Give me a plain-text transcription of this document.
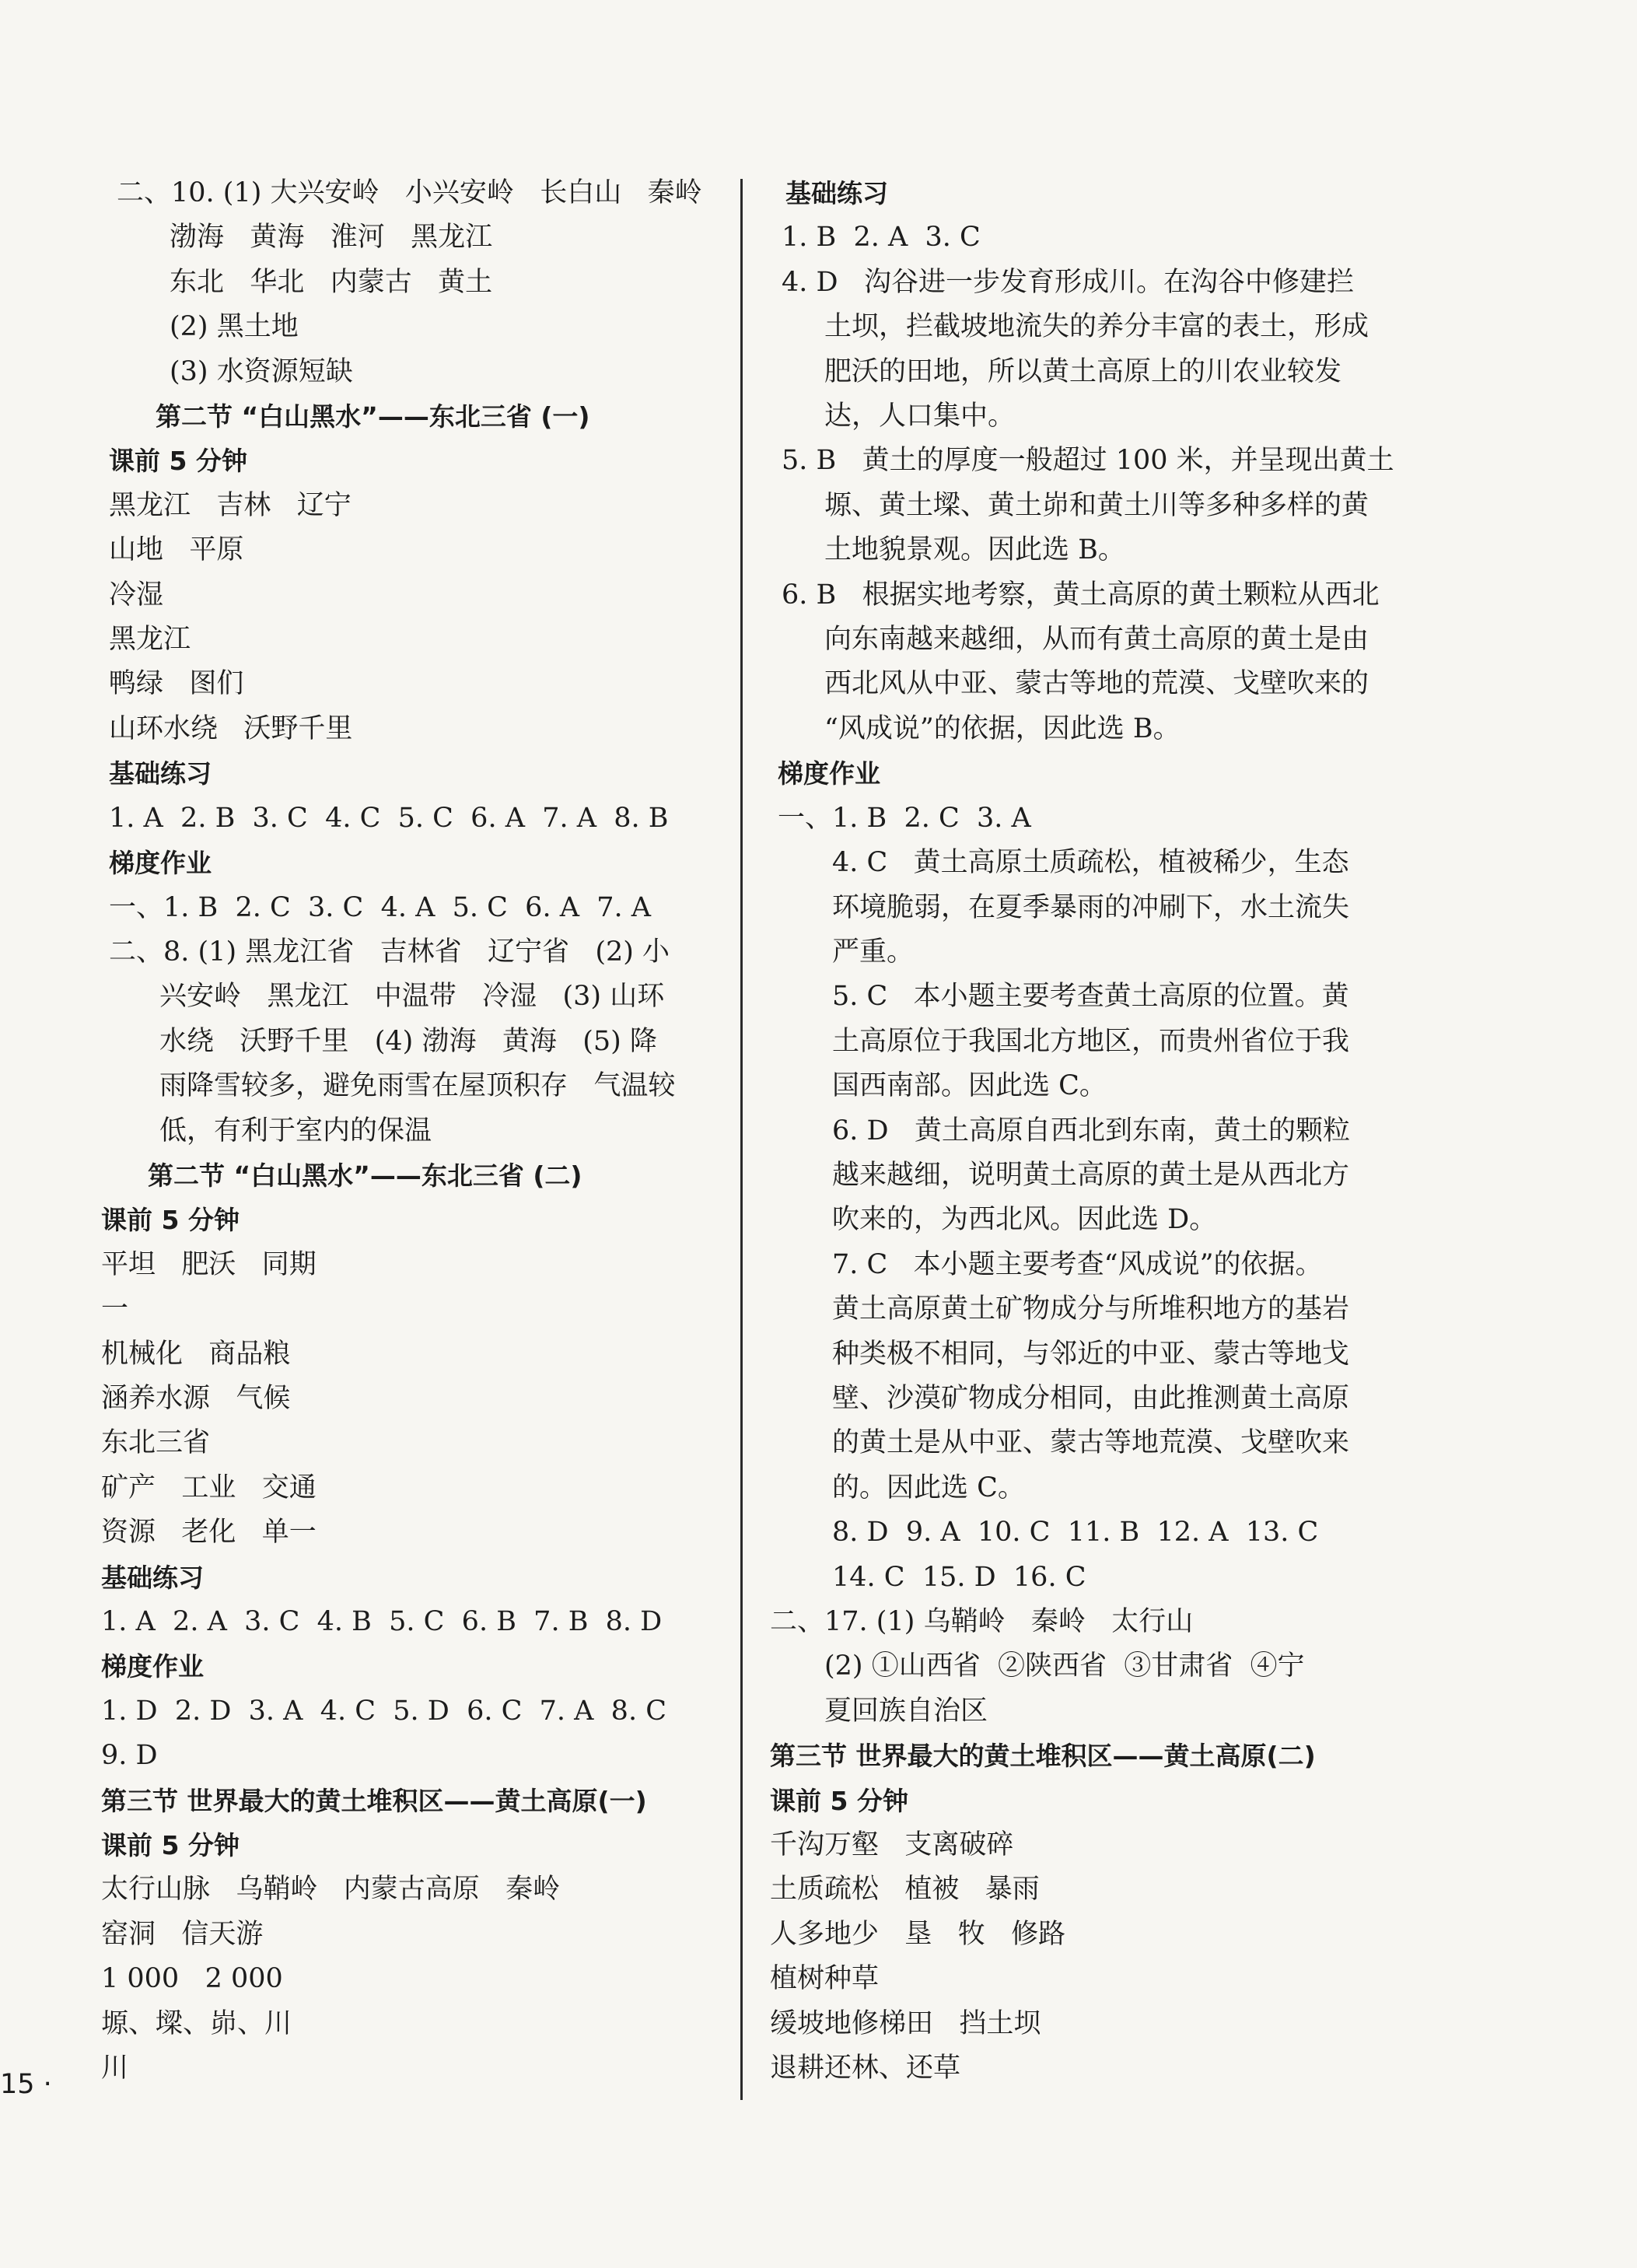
二、10. (1) 大兴安岭   小兴安岭   长白山   秦岭
渤海   黄海   淮河   黑龙江
东北   华北   内蒙古   黄土
(2) 黑土地
(3) 水资源短缺
第二节 “白山黑水”——东北三省 (一)
课前 5 分钟
黑龙江   吉林   辽宁
山地   平原
冷湿
黑龙江
鸭绿   图们
山环水绕   沃野千里
基础练习
1. A  2. B  3. C  4. C  5. C  6. A  7. A  8. B
梯度作业
一、1. B  2. C  3. C  4. A  5. C  6. A  7. A
二、8. (1) 黑龙江省   吉林省   辽宁省   (2) 小
兴安岭   黑龙江   中温带   冷湿   (3) 山环
水绕   沃野千里   (4) 渤海   黄海   (5) 降
雨降雪较多，避免雨雪在屋顶积存   气温较
低，有利于室内的保温
第二节 “白山黑水”——东北三省 (二)
课前 5 分钟
平坦   肥沃   同期
一
机械化   商品粮
涵养水源   气候
东北三省
矿产   工业   交通
资源   老化   单一
基础练习
1. A  2. A  3. C  4. B  5. C  6. B  7. B  8. D
梯度作业
1. D  2. D  3. A  4. C  5. D  6. C  7. A  8. C
9. D
第三节 世界最大的黄土堆积区——黄土高原(一)
课前 5 分钟
太行山脉   乌鞘岭   内蒙古高原   秦岭
窑洞   信天游
1 000   2 000
塬、墚、峁、川
川
基础练习
1. B  2. A  3. C
4. D   沟谷进一步发育形成川。在沟谷中修建拦
土坝，拦截坡地流失的养分丰富的表土，形成
肥沃的田地，所以黄土高原上的川农业较发
达，人口集中。
5. B   黄土的厚度一般超过 100 米，并呈现出黄土
塬、黄土墚、黄土峁和黄土川等多种多样的黄
土地貌景观。因此选 B。
6. B   根据实地考察，黄土高原的黄土颗粒从西北
向东南越来越细，从而有黄土高原的黄土是由
西北风从中亚、蒙古等地的荒漠、戈壁吹来的
“风成说”的依据，因此选 B。
梯度作业
一、1. B  2. C  3. A
4. C   黄土高原土质疏松，植被稀少，生态
环境脆弱，在夏季暴雨的冲刷下，水土流失
严重。
5. C   本小题主要考查黄土高原的位置。黄
土高原位于我国北方地区，而贵州省位于我
国西南部。因此选 C。
6. D   黄土高原自西北到东南，黄土的颗粒
越来越细，说明黄土高原的黄土是从西北方
吹来的，为西北风。因此选 D。
7. C   本小题主要考查“风成说”的依据。
黄土高原黄土矿物成分与所堆积地方的基岩
种类极不相同，与邻近的中亚、蒙古等地戈
壁、沙漠矿物成分相同，由此推测黄土高原
的黄土是从中亚、蒙古等地荒漠、戈壁吹来
的。因此选 C。
8. D  9. A  10. C  11. B  12. A  13. C
14. C  15. D  16. C
二、17. (1) 乌鞘岭   秦岭   太行山
(2) ①山西省  ②陕西省  ③甘肃省  ④宁
夏回族自治区
第三节 世界最大的黄土堆积区——黄土高原(二)
课前 5 分钟
千沟万壑   支离破碎
土质疏松   植被   暴雨
人多地少   垦   牧   修路
植树种草
缓坡地修梯田   挡土坝
退耕还林、还草
15 ·
